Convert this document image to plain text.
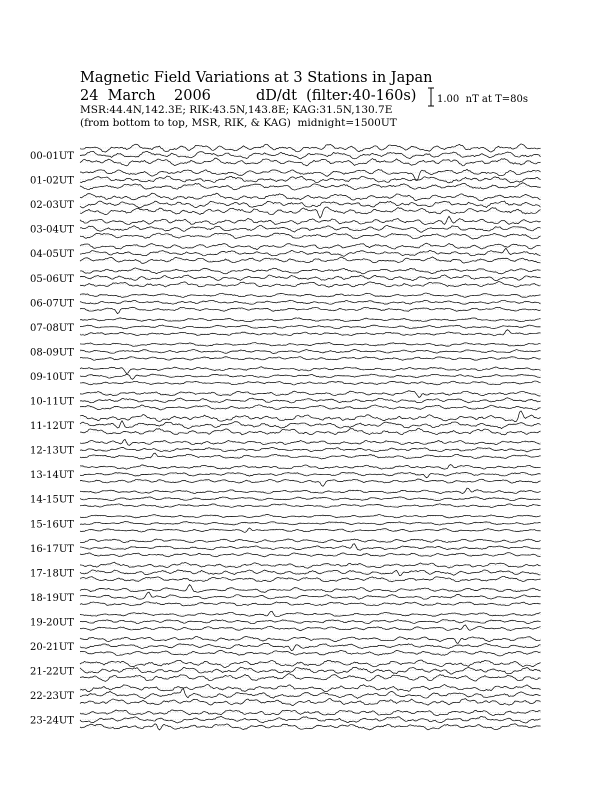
Magnetic Field Variations at 3 Stations in Japan
24  March    2006	dD/dt  (filter:40-160s)
MSR:44.4N,142.3E; RIK:43.5N,143.8E; KAG:31.5N,130.7E
(from bottom to top, MSR, RIK, & KAG)  midnight=1500UT
1.00  nT at T=80s
00-01UT
01-02UT
02-03UT
03-04UT
04-05UT
05-06UT
06-07UT
07-08UT
08-09UT
09-10UT
10-11UT
11-12UT
12-13UT
13-14UT
14-15UT
15-16UT
16-17UT
17-18UT
18-19UT
19-20UT
20-21UT
21-22UT
22-23UT
23-24UT
